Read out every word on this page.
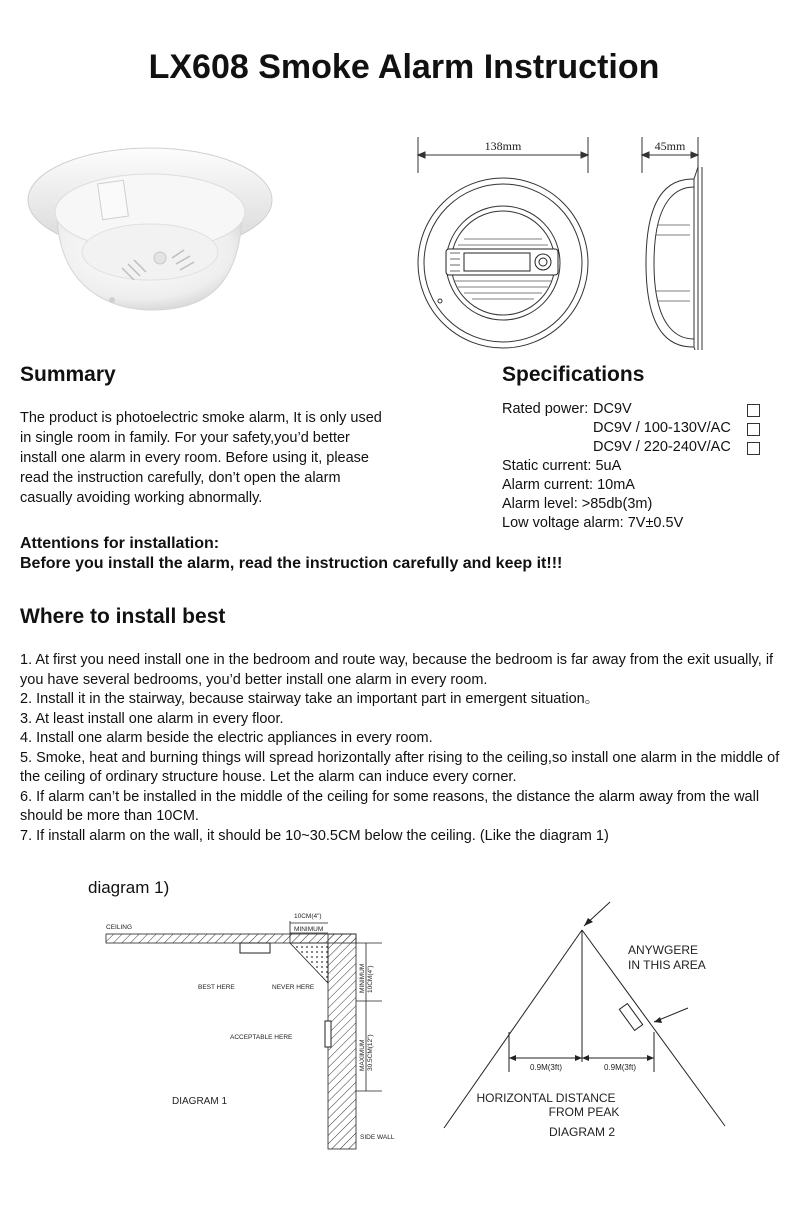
LX608 Smoke Alarm Instruction
138mm	45mm
Summary
The product is photoelectric smoke alarm, It is only used in single room in family. For your safety,you’d better install one alarm in every room. Before using it, please read the instruction carefully, don’t open the alarm casually avoiding working abnormally.
Specifications
Rated power: DC9V
DC9V / 100-130V/AC
DC9V / 220-240V/AC
Static current: 5uA
Alarm current: 10mA
Alarm level: >85db(3m)
Low voltage alarm: 7V±0.5V
Attentions for installation:
Before you install the alarm, read the instruction carefully and keep it!!!
Where to install best

1. At first you need install one in the bedroom and route way, because the bedroom is far away from the exit usually, if you have several bedrooms, you’d better install one alarm in every room.

2. Install it in the stairway, because stairway take an important part in emergent situation。

3. At least install one alarm in every floor.

4. Install one alarm beside the electric appliances in every room.

5. Smoke, heat and burning things will spread horizontally after rising to the ceiling,so install one alarm in the middle of the ceiling of ordinary structure house. Let the alarm can induce every corner.

6. If alarm can’t be installed in the middle of the ceiling for some reasons, the distance the alarm away from the wall should be more than 10CM.

7. If install alarm on the wall, it should be 10~30.5CM below the ceiling. (Like the diagram 1)

diagram 1)
CEILING
10CM(4")
MINIMUM
BEST HERE	NEVER HERE
ACCEPTABLE HERE
SIDE WALL
MINIMUM 10CM(4")
MAXIMUM 30.5CM(12")
DIAGRAM 1
ANYWGERE
IN THIS AREA
HORIZONTAL DISTANCE
FROM PEAK
DIAGRAM 2
0.9M(3ft)	0.9M(3ft)
